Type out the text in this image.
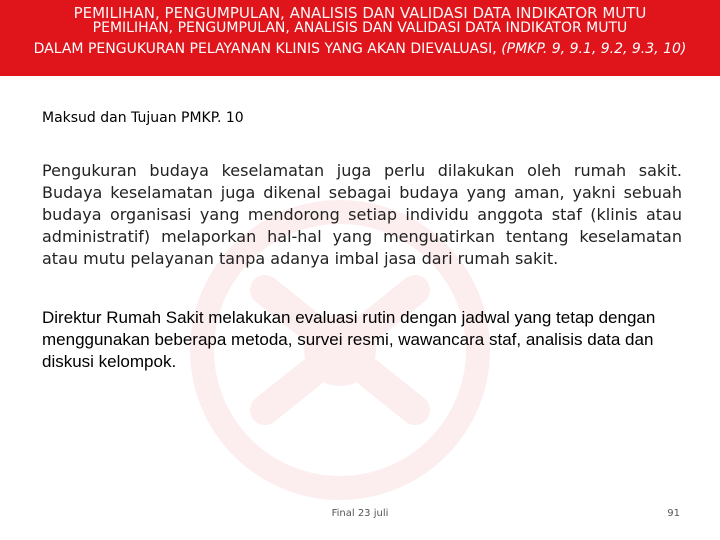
PEMILIHAN, PENGUMPULAN, ANALISIS DAN VALIDASI DATA INDIKATOR MUTU
PEMILIHAN, PENGUMPULAN, ANALISIS DAN VALIDASI DATA INDIKATOR MUTU
DALAM PENGUKURAN PELAYANAN KLINIS YANG AKAN DIEVALUASI, (PMKP. 9, 9.1, 9.2, 9.3, 10)
Maksud dan Tujuan PMKP. 10
Pengukuran budaya keselamatan juga perlu dilakukan oleh rumah sakit. Budaya keselamatan juga dikenal sebagai budaya yang aman, yakni sebuah budaya organisasi yang mendorong setiap individu anggota staf (klinis atau administratif) melaporkan hal-hal yang menguatirkan tentang keselamatan atau mutu pelayanan tanpa adanya imbal jasa dari rumah sakit.
Direktur Rumah Sakit melakukan evaluasi rutin dengan jadwal yang tetap dengan menggunakan beberapa metoda, survei resmi, wawancara staf, analisis data dan diskusi kelompok.
Final 23 juli	91
